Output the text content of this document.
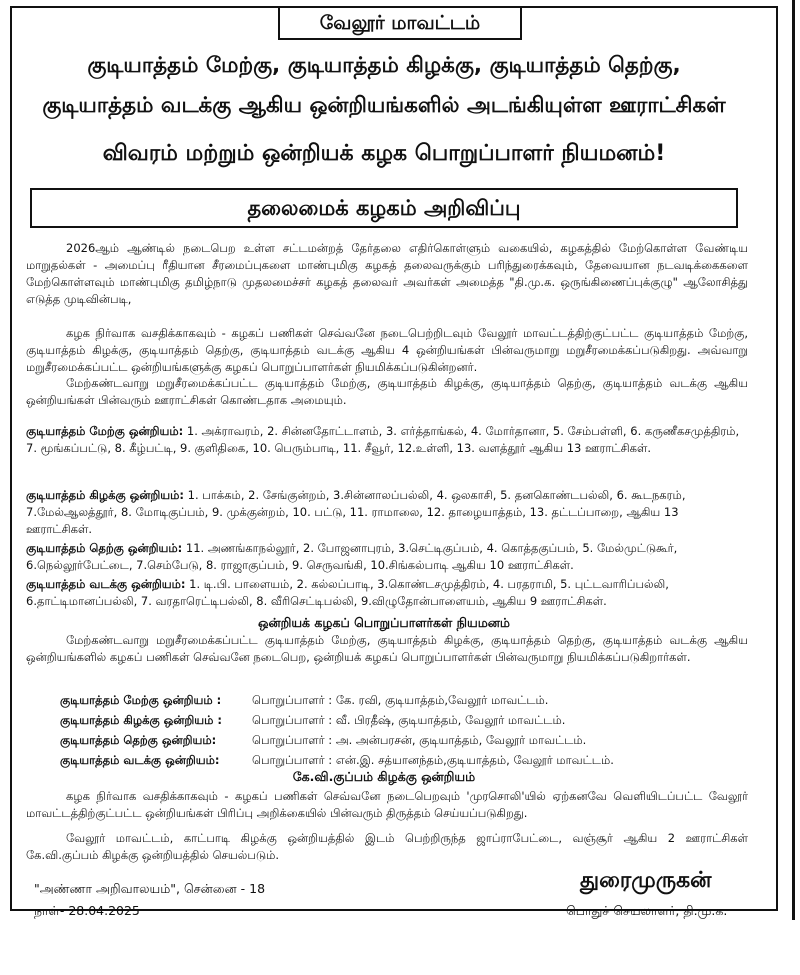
வேலூர் மாவட்டம்
குடியாத்தம் மேற்கு, குடியாத்தம் கிழக்கு, குடியாத்தம் தெற்கு,
குடியாத்தம் வடக்கு ஆகிய ஒன்றியங்களில் அடங்கியுள்ள ஊராட்சிகள்
விவரம் மற்றும் ஒன்றியக் கழக பொறுப்பாளர் நியமனம்!
தலைமைக் கழகம் அறிவிப்பு
2026ஆம் ஆண்டில் நடைபெற உள்ள சட்டமன்றத் தேர்தலை எதிர்கொள்ளும் வகையில், கழகத்தில் மேற்கொள்ள வேண்டிய மாறுதல்கள் - அமைப்பு ரீதியான சீரமைப்புகளை மாண்புமிகு கழகத் தலைவருக்கும் பரிந்துரைக்கவும், தேவையான நடவடிக்கைகளை மேற்கொள்ளவும் மாண்புமிகு தமிழ்நாடு முதலமைச்சர் கழகத் தலைவர் அவர்கள் அமைத்த "தி.மு.க. ஒருங்கிணைப்புக்குழு" ஆலோசித்து எடுத்த முடிவின்படி,
கழக நிர்வாக வசதிக்காகவும் - கழகப் பணிகள் செவ்வனே நடைபெற்றிடவும் வேலூர் மாவட்டத்திற்குட்பட்ட குடியாத்தம் மேற்கு, குடியாத்தம் கிழக்கு, குடியாத்தம் தெற்கு, குடியாத்தம் வடக்கு ஆகிய 4 ஒன்றியங்கள் பின்வருமாறு மறுசீரமைக்கப்படுகிறது. அவ்வாறு மறுசீரமைக்கப்பட்ட ஒன்றியங்களுக்கு கழகப் பொறுப்பாளர்கள் நியமிக்கப்படுகின்றனர்.
மேற்கண்டவாறு மறுசீரமைக்கப்பட்ட குடியாத்தம் மேற்கு, குடியாத்தம் கிழக்கு, குடியாத்தம் தெற்கு, குடியாத்தம் வடக்கு ஆகிய ஒன்றியங்கள் பின்வரும் ஊராட்சிகள் கொண்டதாக அமையும்.
குடியாத்தம் மேற்கு ஒன்றியம்: 1. அக்ராவரம், 2. சின்னதோட்டாளம், 3. எர்த்தாங்கல், 4. மோர்தானா, 5. சேம்பள்ளி, 6. கருணீகசமுத்திரம், 7. மூங்கப்பட்டு, 8. கீழ்பட்டி, 9. குளிதிகை, 10. பெரும்பாடி, 11. சீவூர், 12.உள்ளி, 13. வளத்தூர் ஆகிய 13 ஊராட்சிகள்.
குடியாத்தம் கிழக்கு ஒன்றியம்: 1. பாக்கம், 2. சேங்குன்றம், 3.சின்னாலப்பல்லி, 4. ஒலகாசி, 5. தனகொண்டபல்லி, 6. கூடநகரம், 7.மேல்ஆலத்தூர், 8. மோடிகுப்பம், 9. முக்குன்றம், 10. பட்டு, 11. ராமாலை, 12. தாழையாத்தம், 13. தட்டப்பாறை, ஆகிய 13 ஊராட்சிகள்.
குடியாத்தம் தெற்கு ஒன்றியம்: 11. அணங்காநல்லூர், 2. போஜனாபுரம், 3.செட்டிகுப்பம், 4. கொத்தகுப்பம், 5. மேல்முட்டுகூர், 6.நெல்லூர்பேட்டை, 7.செம்பேடு, 8. ராஜாகுப்பம், 9. செருவங்கி, 10.சிங்கல்பாடி ஆகிய 10 ஊராட்சிகள்.
குடியாத்தம் வடக்கு ஒன்றியம்: 1. டி.பி. பாளையம், 2. கல்லப்பாடி, 3.கொண்டசமுத்திரம், 4. பரதராமி, 5. புட்டவாரிப்பல்லி, 6.தாட்டிமானப்பல்லி, 7. வரதாரெட்டிபல்லி, 8. வீரிசெட்டிபல்லி, 9.விழுதோன்பாளையம், ஆகிய 9 ஊராட்சிகள்.
ஒன்றியக் கழகப் பொறுப்பாளர்கள் நியமனம்
மேற்கண்டவாறு மறுசீரமைக்கப்பட்ட குடியாத்தம் மேற்கு, குடியாத்தம் கிழக்கு, குடியாத்தம் தெற்கு, குடியாத்தம் வடக்கு ஆகிய ஒன்றியங்களில் கழகப் பணிகள் செவ்வனே நடைபெற, ஒன்றியக் கழகப் பொறுப்பாளர்கள் பின்வருமாறு நியமிக்கப்படுகிறார்கள்.
குடியாத்தம் மேற்கு ஒன்றியம் :	பொறுப்பாளர் : கே. ரவி, குடியாத்தம்,வேலூர் மாவட்டம்.
குடியாத்தம் கிழக்கு ஒன்றியம் :	பொறுப்பாளர் : வீ. பிரதீஷ், குடியாத்தம், வேலூர் மாவட்டம்.
குடியாத்தம் தெற்கு ஒன்றியம்:	பொறுப்பாளர் : அ. அன்பரசன், குடியாத்தம், வேலூர் மாவட்டம்.
குடியாத்தம் வடக்கு ஒன்றியம்:	பொறுப்பாளர் : என்.இ. சத்யானந்தம்,குடியாத்தம், வேலூர் மாவட்டம்.
கே.வி.குப்பம் கிழக்கு ஒன்றியம்
கழக நிர்வாக வசதிக்காகவும் - கழகப் பணிகள் செவ்வனே நடைபெறவும் 'முரசொலி'யில் ஏற்கனவே வெளியிடப்பட்ட வேலூர் மாவட்டத்திற்குட்பட்ட ஒன்றியங்கள் பிரிப்பு அறிக்கையில் பின்வரும் திருத்தம் செய்யப்படுகிறது.
வேலூர் மாவட்டம், காட்பாடி கிழக்கு ஒன்றியத்தில் இடம் பெற்றிருந்த ஜாப்ராபேட்டை, வஞ்சூர் ஆகிய 2 ஊராட்சிகள் கே.வி.குப்பம் கிழக்கு ஒன்றியத்தில் செயல்படும்.
"அண்ணா அறிவாலயம்", சென்னை - 18
நாள்- 28.04.2025
துரைமுருகன்
பொதுச் செயலாளர், தி.மு.க.
